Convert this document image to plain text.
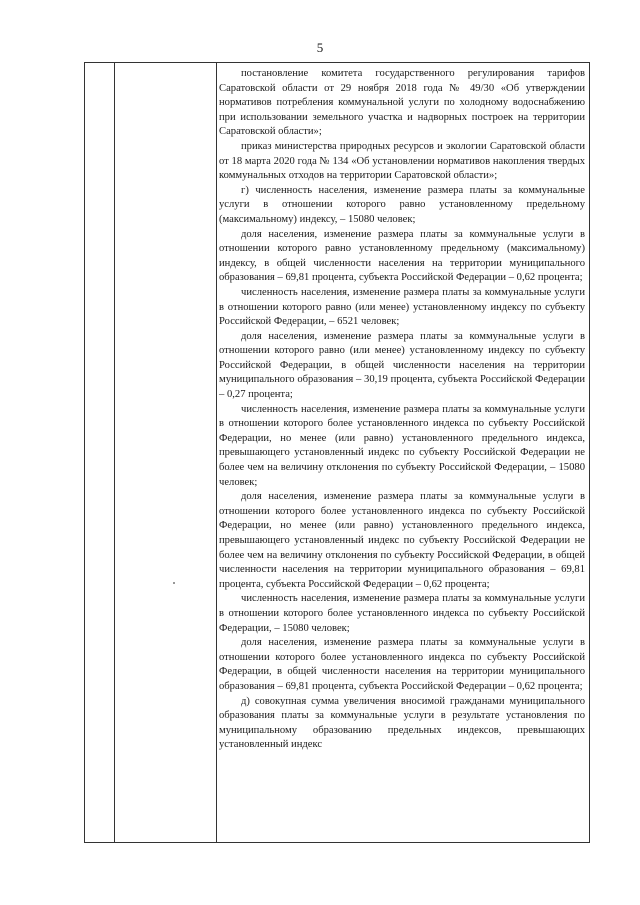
5

постановление комитета государственного регулирования тарифов Саратовской области от 29 ноября 2018 года № 49/30 «Об утверждении нормативов потребления коммунальной услуги по холодному водоснабжению при использовании земельного участка и надворных построек на территории Саратовской области»;

приказ министерства природных ресурсов и экологии Саратовской области от 18 марта 2020 года № 134 «Об установлении нормативов накопления твердых коммунальных отходов на территории Саратовской области»;

г) численность населения, изменение размера платы за коммунальные услуги в отношении которого равно установленному предельному (максимальному) индексу, – 15080 человек;

доля населения, изменение размера платы за коммунальные услуги в отношении которого равно установленному предельному (максимальному) индексу, в общей численности населения на территории муниципального образования – 69,81 процента, субъекта Российской Федерации – 0,62 процента;

численность населения, изменение размера платы за коммунальные услуги в отношении которого равно (или менее) установленному индексу по субъекту Российской Федерации, – 6521 человек;

доля населения, изменение размера платы за коммунальные услуги в отношении которого равно (или менее) установленному индексу по субъекту Российской Федерации, в общей численности населения на территории муниципального образования – 30,19 процента, субъекта Российской Федерации – 0,27 процента;

численность населения, изменение размера платы за коммунальные услуги в отношении которого более установленного индекса по субъекту Российской Федерации, но менее (или равно) установленного предельного индекса, превышающего установленный индекс по субъекту Российской Федерации не более чем на величину отклонения по субъекту Российской Федерации, – 15080 человек;

доля населения, изменение размера платы за коммунальные услуги в отношении которого более установленного индекса по субъекту Российской Федерации, но менее (или равно) установленного предельного индекса, превышающего установленный индекс по субъекту Российской Федерации не более чем на величину отклонения по субъекту Российской Федерации, в общей численности населения на территории муниципального образования – 69,81 процента, субъекта Российской Федерации – 0,62 процента;

численность населения, изменение размера платы за коммунальные услуги в отношении которого более установленного индекса по субъекту Российской Федерации, – 15080 человек;

доля населения, изменение размера платы за коммунальные услуги в отношении которого более установленного индекса по субъекту Российской Федерации, в общей численности населения на территории муниципального образования – 69,81 процента, субъекта Российской Федерации – 0,62 процента;

д) совокупная сумма увеличения вносимой гражданами муниципального образования платы за коммунальные услуги в результате установления по муниципальному образованию предельных индексов, превышающих установленный индекс
